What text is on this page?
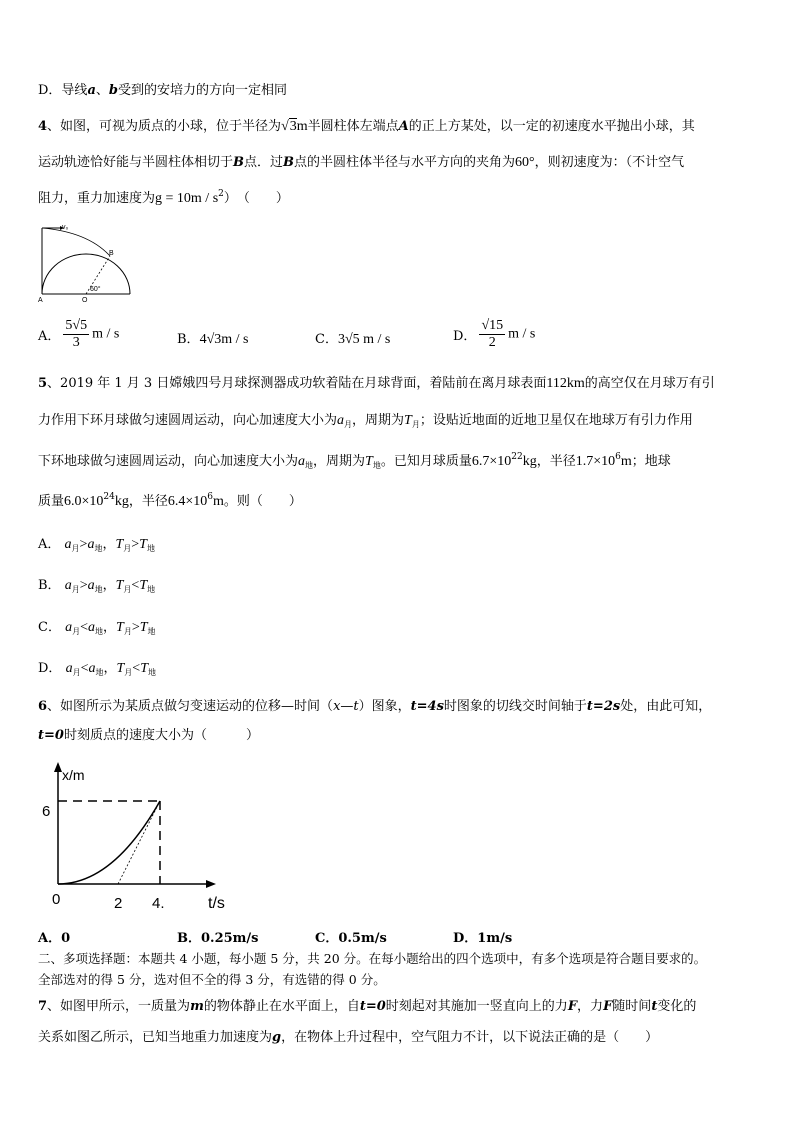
D．导线a、b受到的安培力的方向一定相同
4、如图，可视为质点的小球，位于半径为√3m半圆柱体左端点A的正上方某处，以一定的初速度水平抛出小球，其
运动轨迹恰好能与半圆柱体相切于B点．过B点的半圆柱体半径与水平方向的夹角为60°，则初速度为：（不计空气
阻力，重力加速度为$g = 10m / s^2$）　（　　）
v₀
B
A	O
60°
A． $\frac{5√5}{3}$ m / s	B．4√3m / s	C．3√5 m / s	D． $\frac{√15}{2}$ m / s
5、2019 年 1 月 3 日嫦娥四号月球探测器成功软着陆在月球背面，着陆前在离月球表面112km的高空仅在月球万有引
力作用下环月球做匀速圆周运动，向心加速度大小为$a_月$，周期为$T_月$；设贴近地面的近地卫星仅在地球万有引力作用
下环地球做匀速圆周运动，向心加速度大小为$a_地$，周期为$T_地$。已知月球质量$6.7\times 10^{22}kg$，半径$1.7\times 10^6m$；地球
质量$6.0\times 10^{24}kg$，半径$6.4\times 10^6m$。则（　　）
A． $a_月>a_地$，$T_月>T_地$
B． $a_月>a_地$，$T_月<T_地$
C． $a_月<a_地$，$T_月>T_地$
D． $a_月<a_地$，$T_月<T_地$
6、如图所示为某质点做匀变速运动的位移—时间（x—t）图象，t=4s时图象的切线交时间轴于t=2s处，由此可知，
t=0时刻质点的速度大小为（　　　）
x/m
t/s
6
0	2 4.
A．0	B．0.25m/s	C．0.5m/s	D．1m/s
二、多项选择题：本题共 4 小题，每小题 5 分，共 20 分。在每小题给出的四个选项中，有多个选项是符合题目要求的。
全部选对的得 5 分，选对但不全的得 3 分，有选错的得 0 分。
7、如图甲所示，一质量为m的物体静止在水平面上，自t=0时刻起对其施加一竖直向上的力F，力F随时间t变化的
关系如图乙所示，已知当地重力加速度为g，在物体上升过程中，空气阻力不计，以下说法正确的是（　　）
